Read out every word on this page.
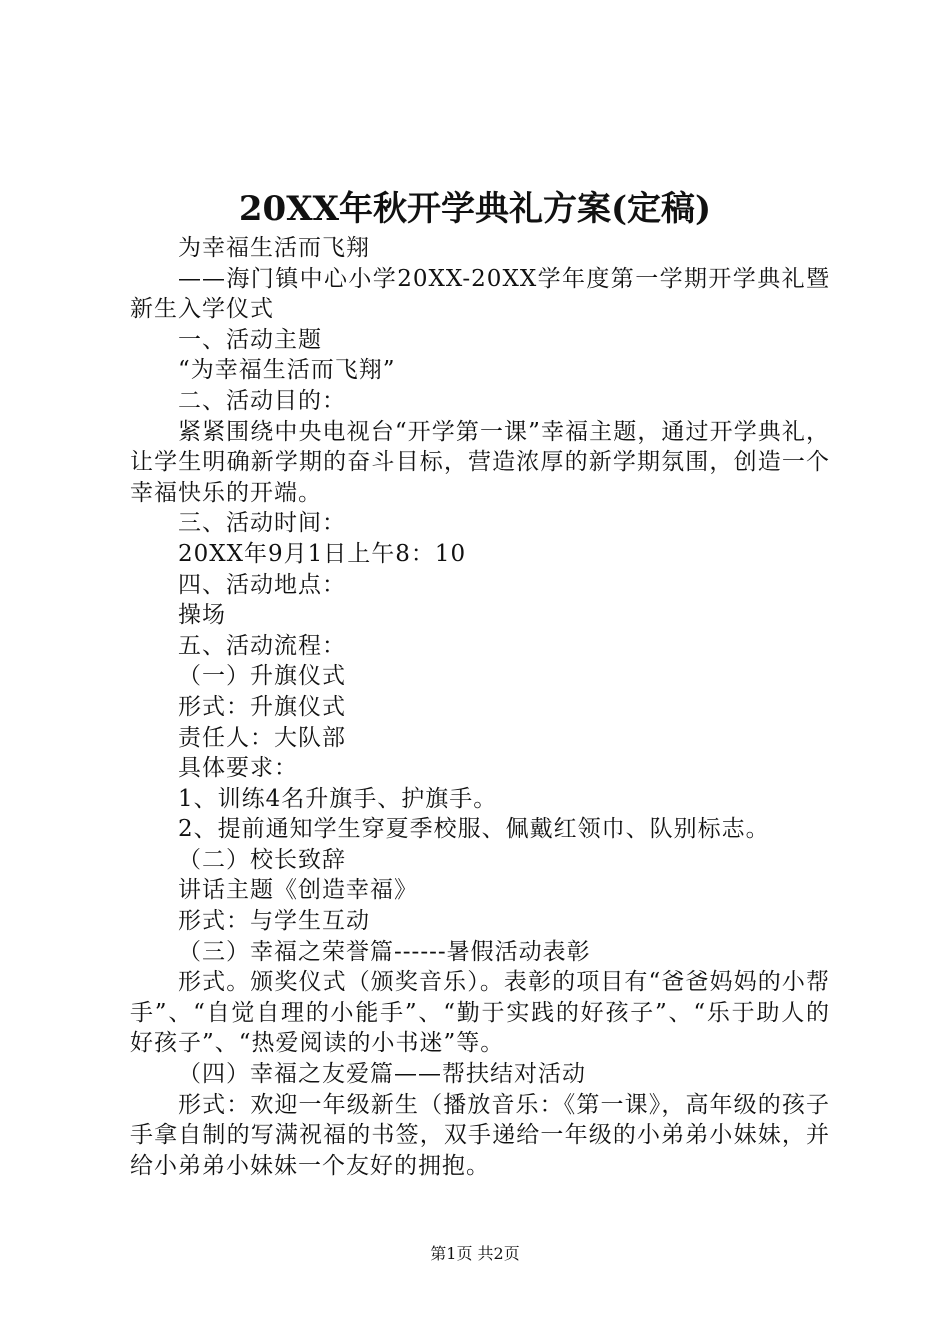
20XX年秋开学典礼方案(定稿)

为幸福生活而飞翔

——海门镇中心小学20XX-20XX学年度第一学期开学典礼暨新生入学仪式

一、活动主题

“为幸福生活而飞翔”

二、活动目的：

紧紧围绕中央电视台“开学第一课”幸福主题，通过开学典礼，让学生明确新学期的奋斗目标，营造浓厚的新学期氛围，创造一个幸福快乐的开端。

三、活动时间：

20XX年9月1日上午8：10

四、活动地点：

操场

五、活动流程：

（一）升旗仪式

形式：升旗仪式

责任人：大队部

具体要求：

1、训练4名升旗手、护旗手。

2、提前通知学生穿夏季校服、佩戴红领巾、队别标志。

（二）校长致辞

讲话主题《创造幸福》

形式：与学生互动

（三）幸福之荣誉篇------暑假活动表彰

形式。颁奖仪式（颁奖音乐）。表彰的项目有“爸爸妈妈的小帮手”、“自觉自理的小能手”、“勤于实践的好孩子”、“乐于助人的好孩子”、“热爱阅读的小书迷”等。

（四）幸福之友爱篇——帮扶结对活动

形式：欢迎一年级新生（播放音乐：《第一课》，高年级的孩子手拿自制的写满祝福的书签，双手递给一年级的小弟弟小妹妹，并给小弟弟小妹妹一个友好的拥抱。

第1页 共2页
